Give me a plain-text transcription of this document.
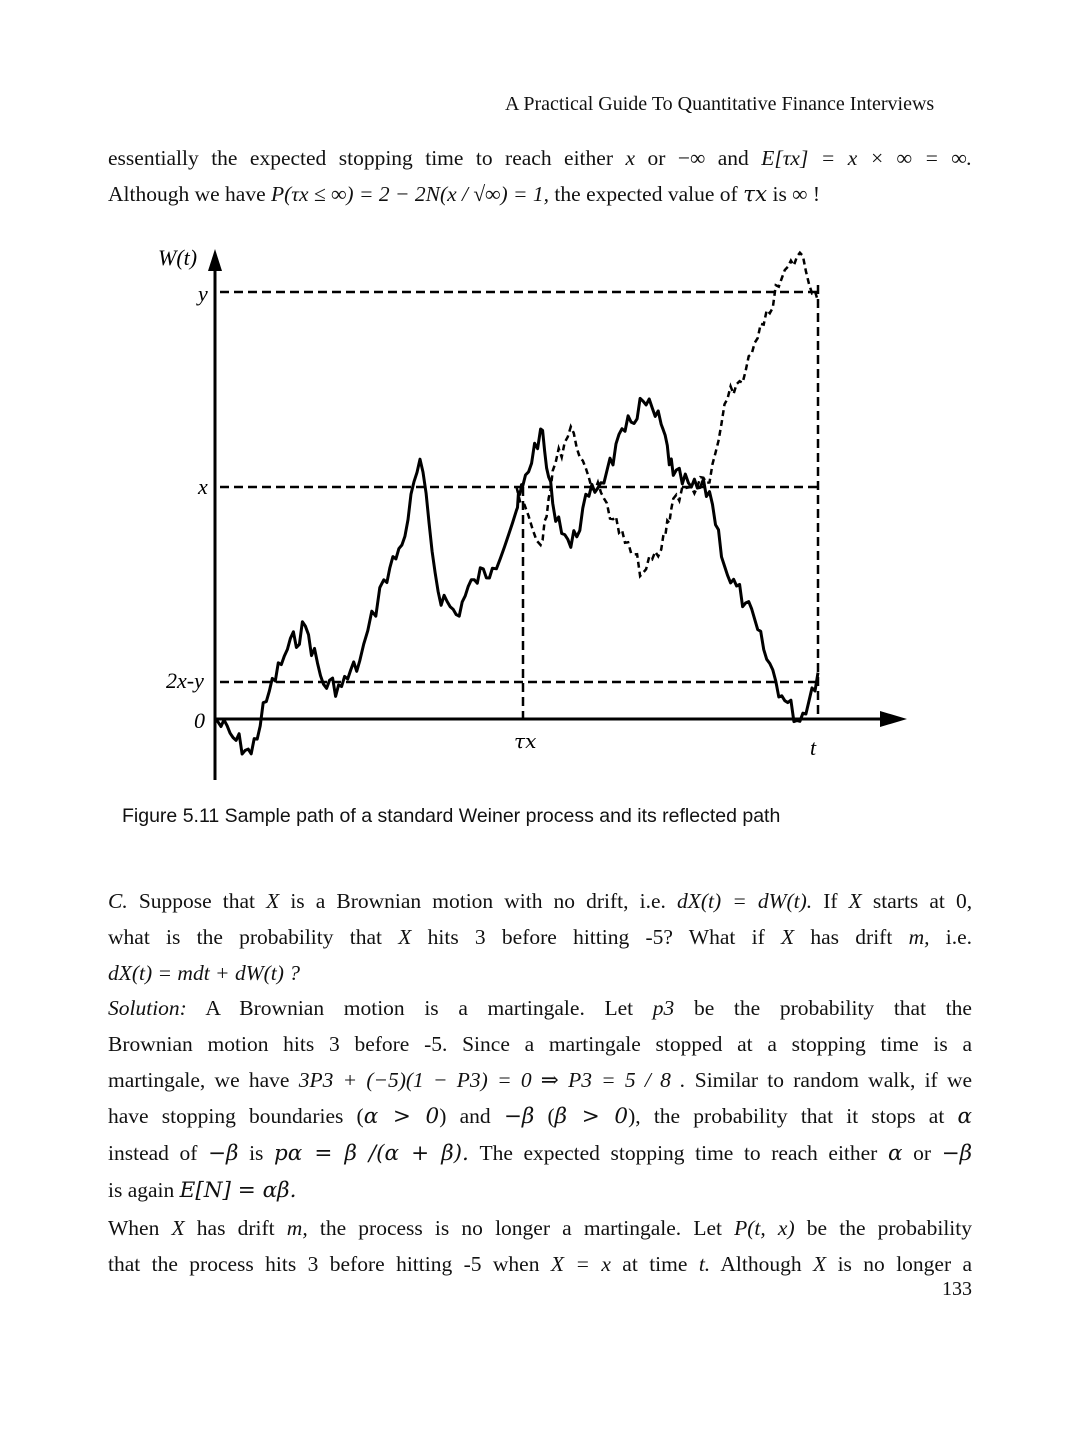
A Practical Guide To Quantitative Finance Interviews
essentially the expected stopping time to reach either x or −∞ and E[τx] = x × ∞ = ∞.
Although we have P(τx ≤ ∞) = 2 − 2N(x / √∞) = 1, the expected value of τx is ∞ !
W(t)
y
x
2x-y
0
τx	t
Figure 5.11 Sample path of a standard Weiner process and its reflected path
C. Suppose that X is a Brownian motion with no drift, i.e. dX(t) = dW(t). If X starts at 0,
what is the probability that X hits 3 before hitting -5? What if X has drift m, i.e.
dX(t) = mdt + dW(t) ?
Solution: A Brownian motion is a martingale. Let p3 be the probability that the
Brownian motion hits 3 before -5. Since a martingale stopped at a stopping time is a
martingale, we have 3P3 + (−5)(1 − P3) = 0 ⇒ P3 = 5 / 8 . Similar to random walk, if we
have stopping boundaries (α > 0) and −β (β > 0), the probability that it stops at α
instead of −β is pα = β /(α + β). The expected stopping time to reach either α or −β
is again E[N] = αβ.
When X has drift m, the process is no longer a martingale. Let P(t, x) be the probability
that the process hits 3 before hitting -5 when X = x at time t. Although X is no longer a
133
